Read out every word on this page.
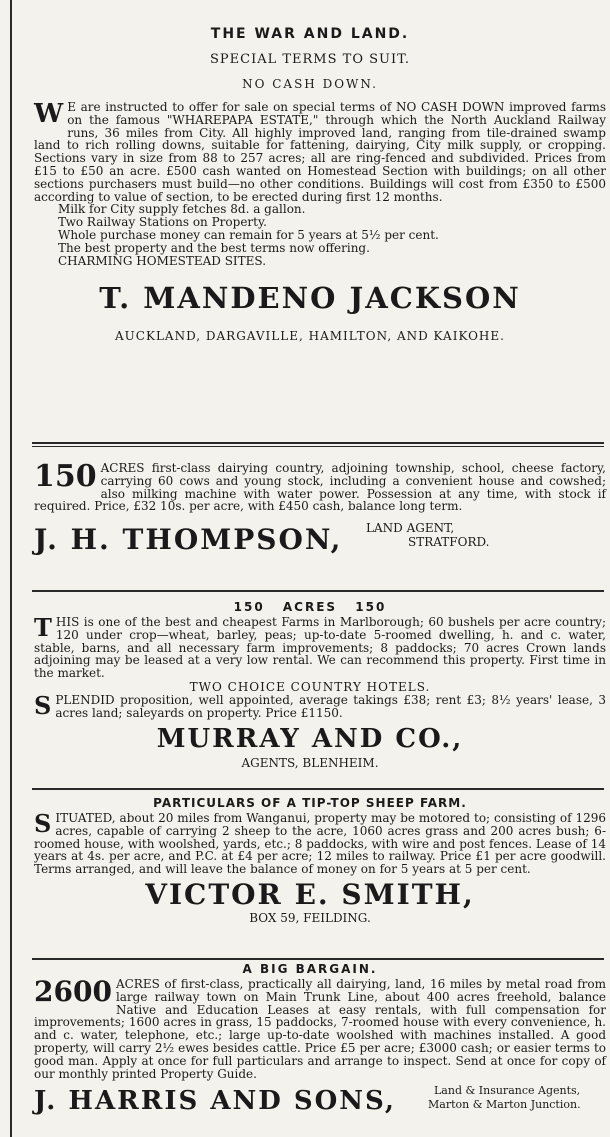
THE WAR AND LAND.
SPECIAL TERMS TO SUIT.
NO CASH DOWN.

W E are instructed to offer for sale on special terms of NO CASH DOWN improved farms on the famous "WHAREPAPA ESTATE," through which the North Auckland Railway runs, 36 miles from City. All highly improved land, ranging from tile-drained swamp land to rich rolling downs, suitable for fattening, dairying, City milk supply, or cropping. Sections vary in size from 88 to 257 acres; all are ring-fenced and subdivided. Prices from £15 to £50 an acre. £500 cash wanted on Homestead Section with buildings; on all other sections purchasers must build—no other conditions. Buildings will cost from £350 to £500 according to value of section, to be erected during first 12 months.

Milk for City supply fetches 8d. a gallon.
Two Railway Stations on Property.
Whole purchase money can remain for 5 years at 5½ per cent.
The best property and the best terms now offering.
CHARMING HOMESTEAD SITES.
T. MANDENO JACKSON
AUCKLAND, DARGAVILLE, HAMILTON, AND KAIKOHE.

150 ACRES first-class dairying country, adjoining township, school, cheese factory, carrying 60 cows and young stock, including a convenient house and cowshed; also milking machine with water power. Possession at any time, with stock if required. Price, £32 10s. per acre, with £450 cash, balance long term.

J. H. THOMPSON, LAND AGENT,
STRATFORD.
150 ACRES 150

THIS is one of the best and cheapest Farms in Marlborough; 60 bushels per acre country; 120 under crop—wheat, barley, peas; up-to-date 5-roomed dwelling, h. and c. water, stable, barns, and all necessary farm improvements; 8 paddocks; 70 acres Crown lands adjoining may be leased at a very low rental. We can recommend this property. First time in the market.

TWO CHOICE COUNTRY HOTELS.

SPLENDID proposition, well appointed, average takings £38; rent £3; 8½ years' lease, 3 acres land; saleyards on property. Price £1150.

MURRAY AND CO.,
AGENTS, BLENHEIM.
PARTICULARS OF A TIP-TOP SHEEP FARM.

SITUATED, about 20 miles from Wanganui, property may be motored to; consisting of 1296 acres, capable of carrying 2 sheep to the acre, 1060 acres grass and 200 acres bush; 6-roomed house, with woolshed, yards, etc.; 8 paddocks, with wire and post fences. Lease of 14 years at 4s. per acre, and P.C. at £4 per acre; 12 miles to railway. Price £1 per acre goodwill. Terms arranged, and will leave the balance of money on for 5 years at 5 per cent.

VICTOR E. SMITH,
BOX 59, FEILDING.
A BIG BARGAIN.

2600 ACRES of first-class, practically all dairying, land, 16 miles by metal road from large railway town on Main Trunk Line, about 400 acres freehold, balance Native and Education Leases at easy rentals, with full compensation for improvements; 1600 acres in grass, 15 paddocks, 7-roomed house with every convenience, h. and c. water, telephone, etc.; large up-to-date woolshed with machines installed. A good property, will carry 2½ ewes besides cattle. Price £5 per acre; £3000 cash; or easier terms to good man. Apply at once for full particulars and arrange to inspect. Send at once for copy of our monthly printed Property Guide.

J. HARRIS AND SONS,	Land & Insurance Agents,
Marton & Marton Junction.
